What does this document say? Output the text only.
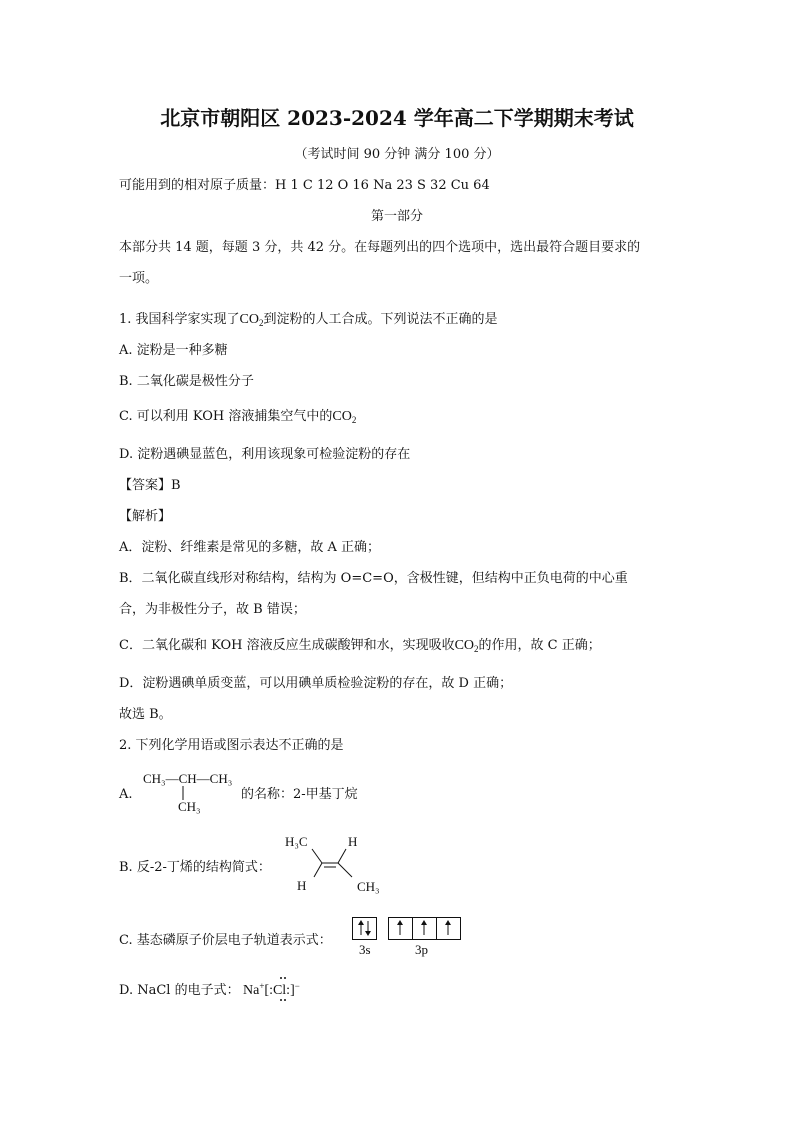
北京市朝阳区 2023-2024 学年高二下学期期末考试
（考试时间 90 分钟 满分 100 分）
可能用到的相对原子质量：H 1 C 12 O 16 Na 23 S 32 Cu 64
第一部分
本部分共 14 题，每题 3 分，共 42 分。在每题列出的四个选项中，选出最符合题目要求的
一项。
1. 我国科学家实现了$CO_2$到淀粉的人工合成。下列说法不正确的是
A. 淀粉是一种多糖
B. 二氧化碳是极性分子
C. 可以利用 KOH 溶液捕集空气中的$CO_2$
D. 淀粉遇碘显蓝色，利用该现象可检验淀粉的存在
【答案】B
【解析】
A．淀粉、纤维素是常见的多糖，故 A 正确；
B．二氧化碳直线形对称结构，结构为 O=C=O，含极性键，但结构中正负电荷的中心重
合，为非极性分子，故 B 错误；
C．二氧化碳和 KOH 溶液反应生成碳酸钾和水，实现吸收$CO_2$的作用，故 C 正确；
D．淀粉遇碘单质变蓝，可以用碘单质检验淀粉的存在，故 D 正确；
故选 B。
2. 下列化学用语或图示表达不正确的是
A.
CH₃—CH—CH₃
CH₃
的名称：2-甲基丁烷
B. 反-2-丁烯的结构简式：
H₃C	H
H	CH₃
C. 基态磷原子价层电子轨道表示式：
3s	3p
D. NaCl 的电子式： Na+[:Cl:]−
